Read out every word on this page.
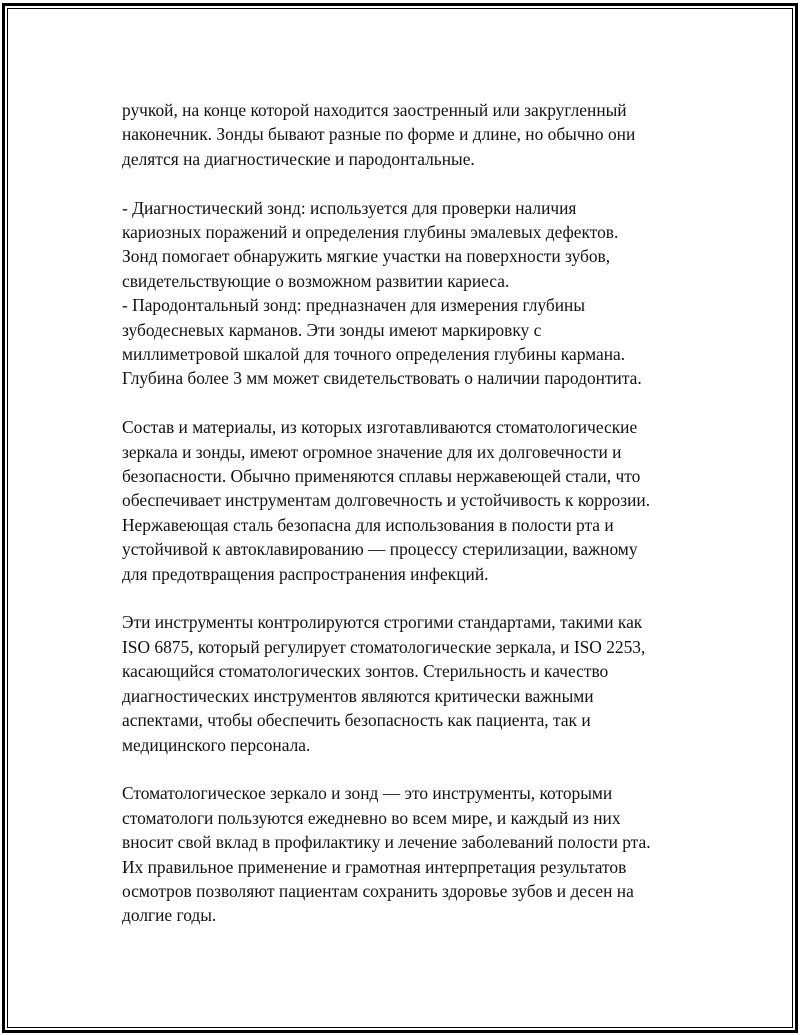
ручкой, на конце которой находится заостренный или закругленный
наконечник. Зонды бывают разные по форме и длине, но обычно они
делятся на диагностические и пародонтальные.

- Диагностический зонд: используется для проверки наличия
кариозных поражений и определения глубины эмалевых дефектов.
Зонд помогает обнаружить мягкие участки на поверхности зубов,
свидетельствующие о возможном развитии кариеса.
- Пародонтальный зонд: предназначен для измерения глубины
зубодесневых карманов. Эти зонды имеют маркировку с
миллиметровой шкалой для точного определения глубины кармана.
Глубина более 3 мм может свидетельствовать о наличии пародонтита.

Состав и материалы, из которых изготавливаются стоматологические
зеркала и зонды, имеют огромное значение для их долговечности и
безопасности. Обычно применяются сплавы нержавеющей стали, что
обеспечивает инструментам долговечность и устойчивость к коррозии.
Нержавеющая сталь безопасна для использования в полости рта и
устойчивой к автоклавированию — процессу стерилизации, важному
для предотвращения распространения инфекций.

Эти инструменты контролируются строгими стандартами, такими как
ISO 6875, который регулирует стоматологические зеркала, и ISO 2253,
касающийся стоматологических зонтов. Стерильность и качество
диагностических инструментов являются критически важными
аспектами, чтобы обеспечить безопасность как пациента, так и
медицинского персонала.

Стоматологическое зеркало и зонд — это инструменты, которыми
стоматологи пользуются ежедневно во всем мире, и каждый из них
вносит свой вклад в профилактику и лечение заболеваний полости рта.
Их правильное применение и грамотная интерпретация результатов
осмотров позволяют пациентам сохранить здоровье зубов и десен на
долгие годы.
